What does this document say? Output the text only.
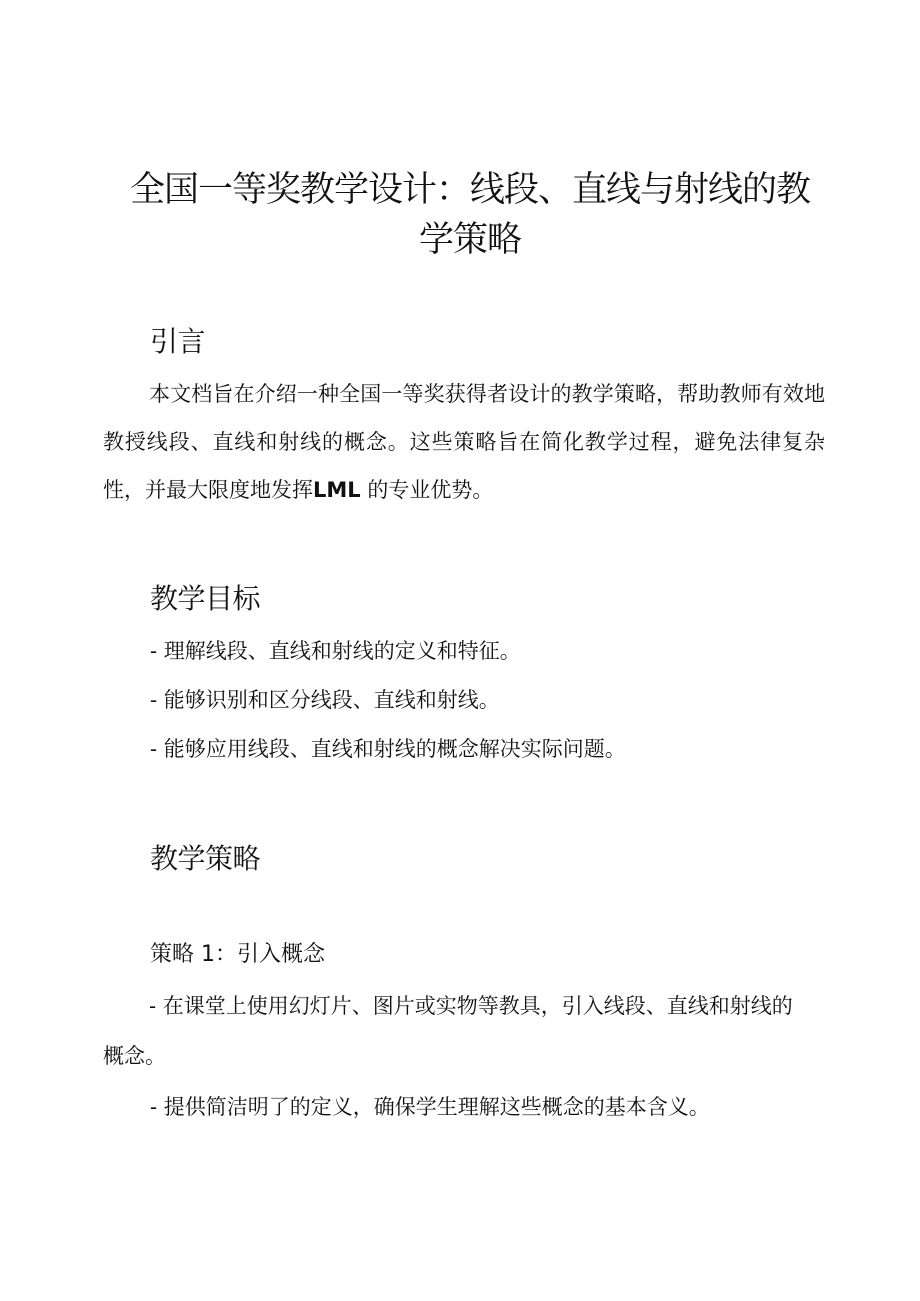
全国一等奖教学设计：线段、直线与射线的教学策略
引言

本文档旨在介绍一种全国一等奖获得者设计的教学策略，帮助教师有效地教授线段、直线和射线的概念。这些策略旨在简化教学过程，避免法律复杂性，并最大限度地发挥LML 的专业优势。

教学目标

- 理解线段、直线和射线的定义和特征。

- 能够识别和区分线段、直线和射线。

- 能够应用线段、直线和射线的概念解决实际问题。

教学策略
策略 1：引入概念

- 在课堂上使用幻灯片、图片或实物等教具，引入线段、直线和射线的概念。

- 提供简洁明了的定义，确保学生理解这些概念的基本含义。
